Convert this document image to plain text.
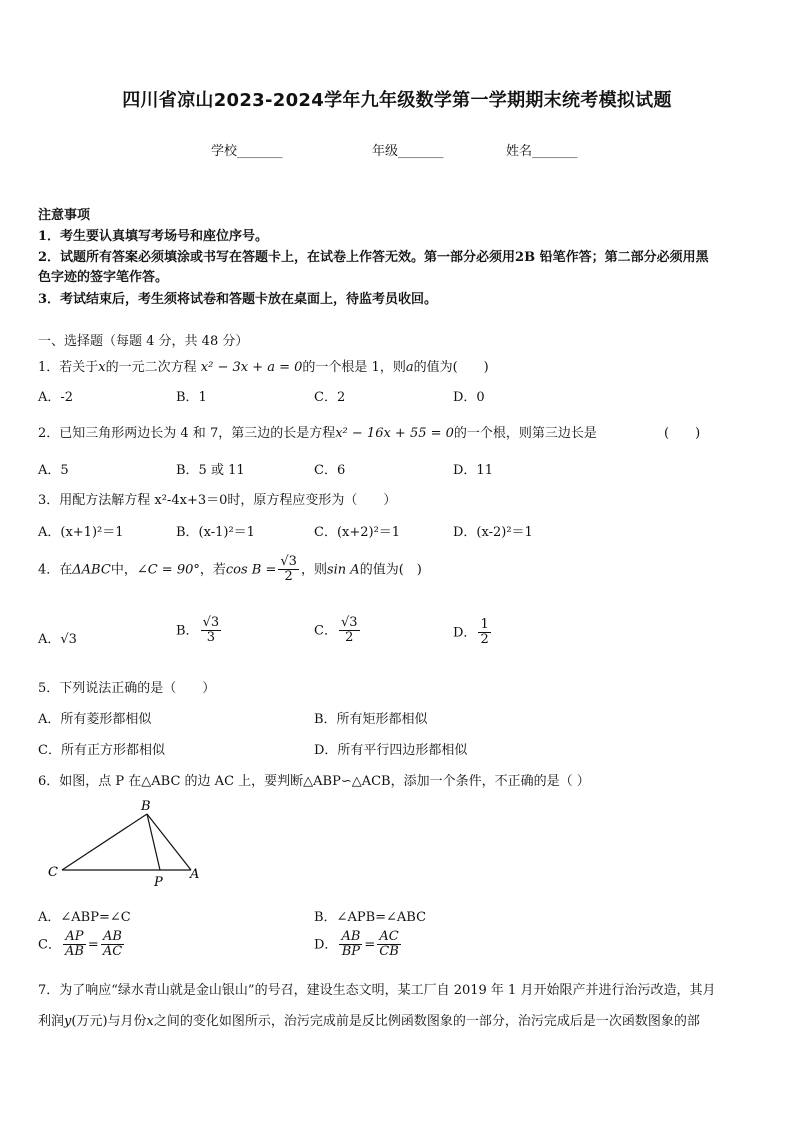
四川省凉山2023-2024学年九年级数学第一学期期末统考模拟试题
学校_______	年级_______	姓名_______
注意事项
1．考生要认真填写考场号和座位序号。
2．试题所有答案必须填涂或书写在答题卡上，在试卷上作答无效。第一部分必须用2B 铅笔作答；第二部分必须用黑
色字迹的签字笔作答。
3．考试结束后，考生须将试卷和答题卡放在桌面上，待监考员收回。
一、选择题（每题 4 分，共 48 分）
1．若关于x的一元二次方程 x² − 3x + a = 0的一个根是 1，则a的值为(　　)
A．-2	B．1	C．2	D．0
2．已知三角形两边长为 4 和 7，第三边的长是方程x² − 16x + 55 = 0的一个根，则第三边长是	(　　)
A．5	B．5 或 11	C．6	D．11
3．用配方法解方程 x²-4x+3＝0时，原方程应变形为（　　）
A．(x+1)²＝1	B．(x-1)²＝1	C．(x+2)²＝1	D．(x-2)²＝1
4．在ΔABC中，∠C = 90°，若$\cos B = \frac{√3}{2}$ ，则sin A的值为(　)
A．√3
B． $\frac{√3}{3}$	C． $\frac{√3}{2}$	D． $\frac{1}{2}$
5．下列说法正确的是（　　）
A．所有菱形都相似	B．所有矩形都相似
C．所有正方形都相似	D．所有平行四边形都相似
6．如图，点 P 在△ABC 的边 AC 上，要判断△ABP∽△ACB，添加一个条件，不正确的是（ ）
B
C
P
A
A．∠ABP=∠C	B．∠APB=∠ABC
C． $\frac{AP}{AB} = \frac{AB}{AC}$	D． $\frac{AB}{BP} = \frac{AC}{CB}$
7．为了响应“绿水青山就是金山银山”的号召，建设生态文明，某工厂自 2019 年 1 月开始限产并进行治污改造，其月
利润y(万元)与月份x之间的变化如图所示，治污完成前是反比例函数图象的一部分，治污完成后是一次函数图象的部
